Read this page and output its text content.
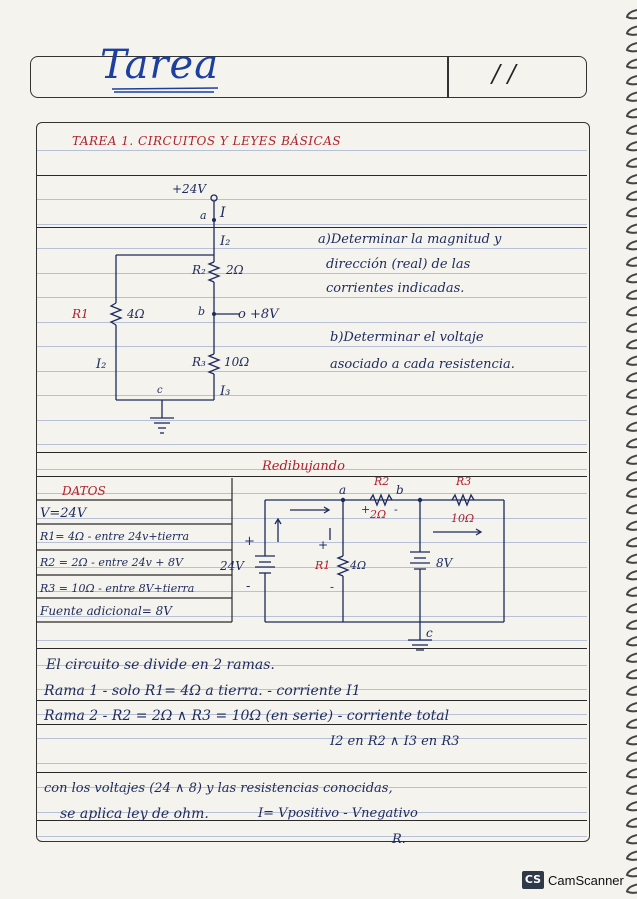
Tarea	/ /
TAREA 1. CIRCUITOS Y LEYES BÁSICAS
+24V
a I
I₂
R₂ 2Ω
R1	4Ω	b	o +8V
I₂	R₃ 10Ω
c	I₃
a)Determinar la magnitud y
dirección (real) de las
corrientes indicadas.
b)Determinar el voltaje
asociado a cada resistencia.
Redibujando
DATOS
V=24V
R1= 4Ω - entre 24v+tierra
R2 = 2Ω - entre 24v + 8V
R3 = 10Ω - entre 8V+tierra
Fuente adicional= 8V
a	b
R2
2Ω
R3
10Ω
R1 4Ω
24V	8V
+
-
+
-
+ -
c
El circuito se divide en 2 ramas.
Rama 1 - solo R1= 4Ω a tierra. - corriente I1
Rama 2 - R2 = 2Ω ∧ R3 = 10Ω (en serie) - corriente total
I2 en R2 ∧ I3 en R3
con los voltajes (24 ∧ 8) y las resistencias conocidas,
se aplica ley de ohm.	I= Vpositivo - Vnegativo
R.
CS CamScanner
